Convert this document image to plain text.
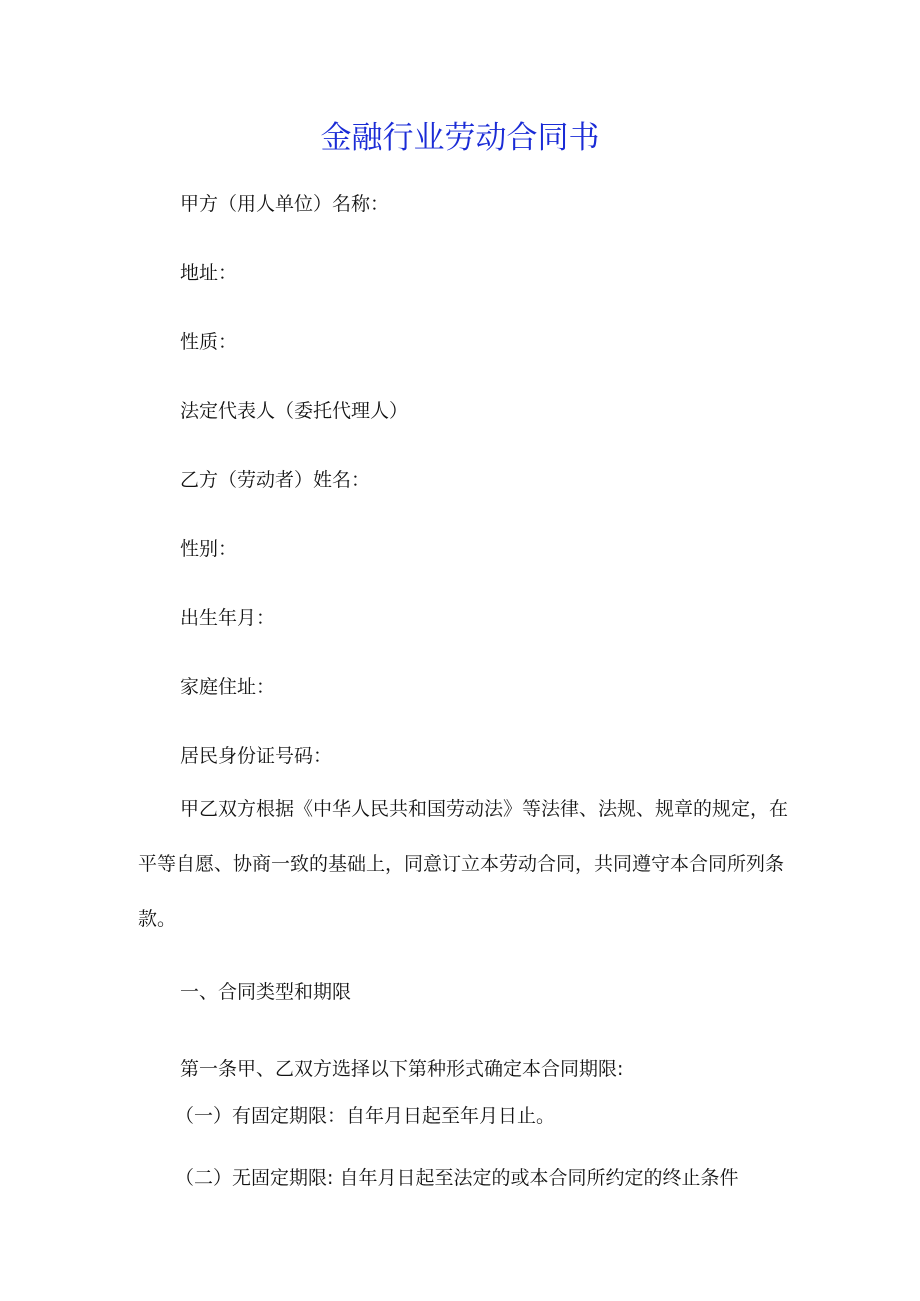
金融行业劳动合同书
甲方（用人单位）名称：
地址：
性质：
法定代表人（委托代理人）
乙方（劳动者）姓名：
性别：
出生年月：
家庭住址：
居民身份证号码：

甲乙双方根据《中华人民共和国劳动法》等法律、法规、规章的规定，在平等自愿、协商一致的基础上，同意订立本劳动合同，共同遵守本合同所列条款。

一、合同类型和期限
第一条甲、乙双方选择以下第种形式确定本合同期限:
（一）有固定期限：自年月日起至年月日止。
（二）无固定期限: 自年月日起至法定的或本合同所约定的终止条件
